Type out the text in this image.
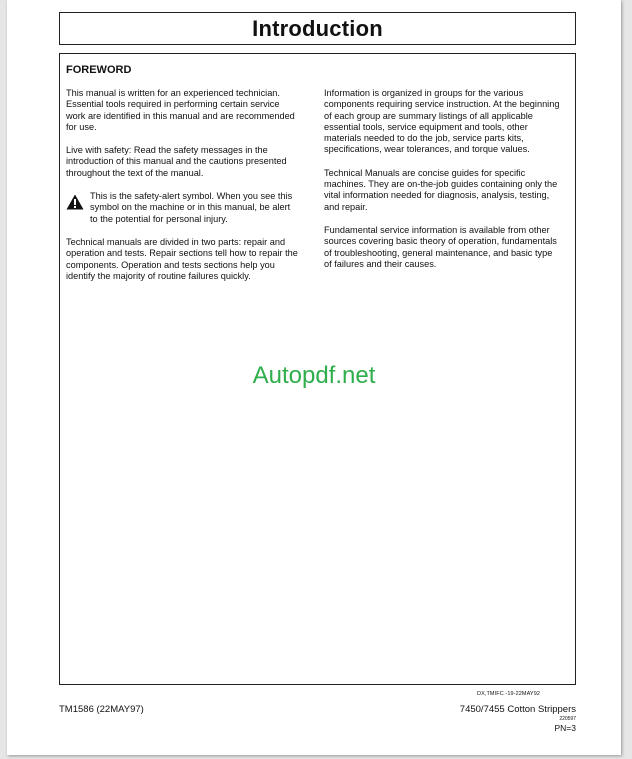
Introduction
FOREWORD

This manual is written for an experienced technician. Essential tools required in performing certain service work are identified in this manual and are recommended for use.

Live with safety: Read the safety messages in the introduction of this manual and the cautions presented throughout the text of the manual.

This is the safety-alert symbol. When you see this symbol on the machine or in this manual, be alert to the potential for personal injury.

Technical manuals are divided in two parts: repair and operation and tests. Repair sections tell how to repair the components. Operation and tests sections help you identify the majority of routine failures quickly.

Information is organized in groups for the various components requiring service instruction. At the beginning of each group are summary listings of all applicable essential tools, service equipment and tools, other materials needed to do the job, service parts kits, specifications, wear tolerances, and torque values.

Technical Manuals are concise guides for specific machines. They are on-the-job guides containing only the vital information needed for diagnosis, analysis, testing, and repair.

Fundamental service information is available from other sources covering basic theory of operation, fundamentals of troubleshooting, general maintenance, and basic type of failures and their causes.

Autopdf.net
DX,TMIFC -19-22MAY92
TM1586 (22MAY97)	7450/7455 Cotton Strippers
220597
PN=3
